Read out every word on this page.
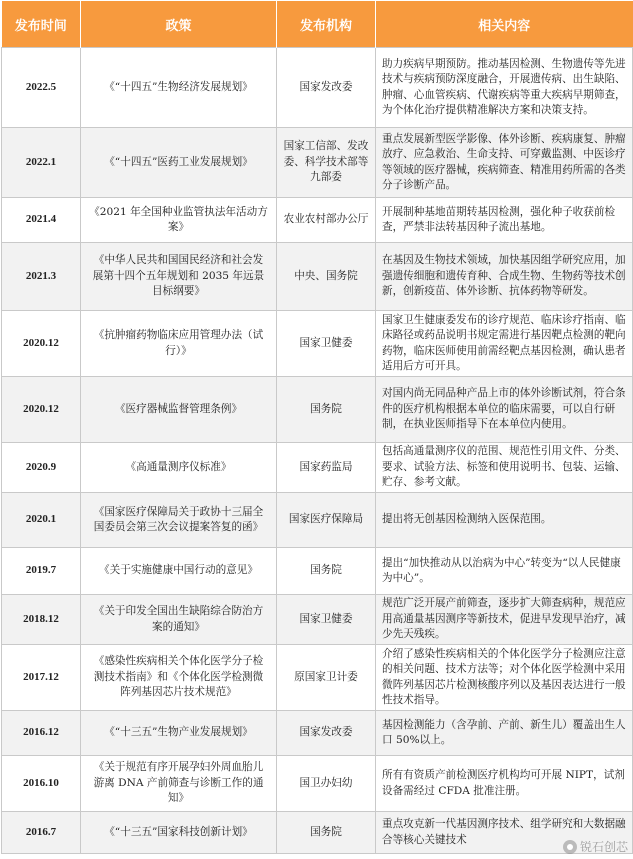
发布时间	政策	发布机构	相关内容
2022.5	《“十四五”生物经济发展规划》	国家发改委	助力疾病早期预防。推动基因检测、生物遗传等先进技术与疾病预防深度融合，开展遗传病、出生缺陷、肿瘤、心血管疾病、代谢疾病等重大疾病早期筛查，为个体化治疗提供精准解决方案和决策支持。
2022.1	《“十四五”医药工业发展规划》	国家工信部、发改委、科学技术部等九部委	重点发展新型医学影像、体外诊断、疾病康复、肿瘤放疗、应急救治、生命支持、可穿戴监测、中医诊疗等领域的医疗器械，疾病筛查、精准用药所需的各类分子诊断产品。
2021.4	《2021 年全国种业监管执法年活动方案》	农业农村部办公厅	开展制种基地苗期转基因检测，强化种子收获前检查，严禁非法转基因种子流出基地。
2021.3	《中华人民共和国国民经济和社会发展第十四个五年规划和 2035 年远景目标纲要》	中央、国务院	在基因及生物技术领域，加快基因组学研究应用，加强遗传细胞和遗传育种、合成生物、生物药等技术创新，创新疫苗、体外诊断、抗体药物等研发。
2020.12	《抗肿瘤药物临床应用管理办法（试行）》	国家卫健委	国家卫生健康委发布的诊疗规范、临床诊疗指南、临床路径或药品说明书规定需进行基因靶点检测的靶向药物，临床医师使用前需经靶点基因检测，确认患者适用后方可开具。
2020.12	《医疗器械监督管理条例》	国务院	对国内尚无同品种产品上市的体外诊断试剂，符合条件的医疗机构根据本单位的临床需要，可以自行研制，在执业医师指导下在本单位内使用。
2020.9	《高通量测序仪标准》	国家药监局	包括高通量测序仪的范围、规范性引用文件、分类、要求、试验方法、标签和使用说明书、包装、运输、贮存、参考文献。
2020.1	《国家医疗保障局关于政协十三届全国委员会第三次会议提案答复的函》	国家医疗保障局	提出将无创基因检测纳入医保范围。
2019.7	《关于实施健康中国行动的意见》	国务院	提出“加快推动从以治病为中心”转变为“以人民健康为中心”。
2018.12	《关于印发全国出生缺陷综合防治方案的通知》	国家卫健委	规范广泛开展产前筛查，逐步扩大筛查病种，规范应用高通量基因测序等新技术，促进早发现早治疗，减少先天残疾。
2017.12	《感染性疾病相关个体化医学分子检测技术指南》和《个体化医学检测微阵列基因芯片技术规范》	原国家卫计委	介绍了感染性疾病相关的个体化医学分子检测应注意的相关问题、技术方法等；对个体化医学检测中采用微阵列基因芯片检测核酸序列以及基因表达进行一般性技术指导。
2016.12	《“十三五”生物产业发展规划》	国家发改委	基因检测能力（含孕前、产前、新生儿）覆盖出生人口 50%以上。
2016.10	《关于规范有序开展孕妇外周血胎儿游离 DNA 产前筛查与诊断工作的通知》	国卫办妇幼	所有有资质产前检测医疗机构均可开展 NIPT，试剂设备需经过 CFDA 批准注册。
2016.7	《“十三五”国家科技创新计划》	国务院	重点攻克新一代基因测序技术、组学研究和大数据融合等核心关键技术
锐石创芯
